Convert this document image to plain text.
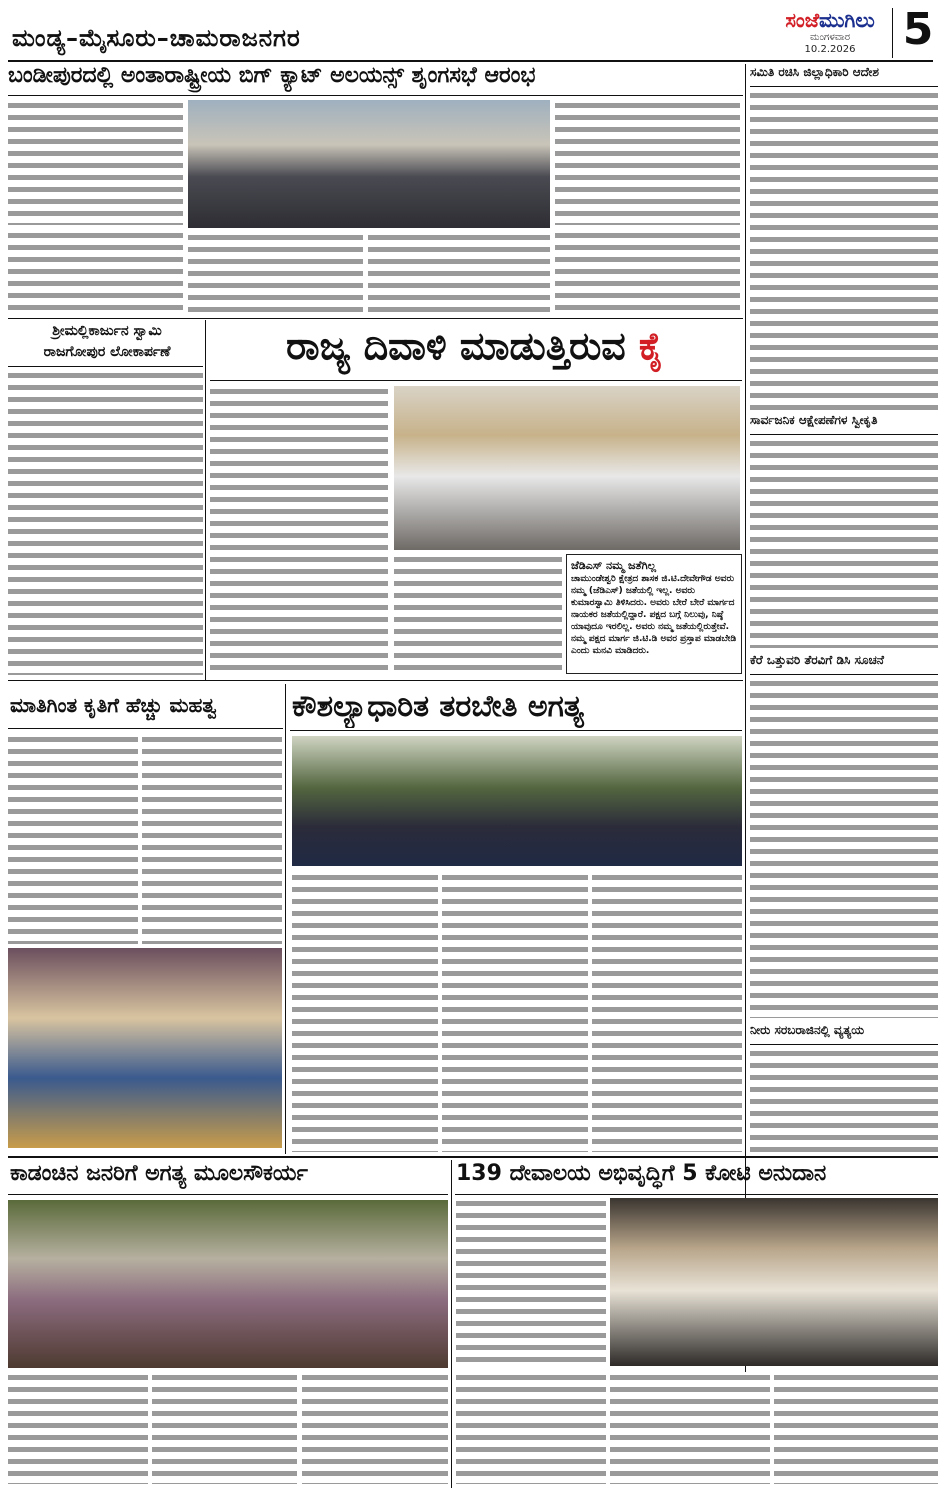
ಮಂಡ್ಯ–ಮೈಸೂರು–ಚಾಮರಾಜನಗರ
ಸಂಜೆಮುಗಿಲು
ಮಂಗಳವಾರ
10.2.2026	5
ಬಂಡೀಪುರದಲ್ಲಿ ಅಂತಾರಾಷ್ಟ್ರೀಯ ಬಿಗ್ ಕ್ಯಾಟ್ ಅಲಯನ್ಸ್ ಶೃಂಗಸಭೆ ಆರಂಭ	ಸಮಿತಿ ರಚಿಸಿ ಜಿಲ್ಲಾಧಿಕಾರಿ ಆದೇಶ
ಸಾರ್ವಜನಿಕ ಆಕ್ಷೇಪಣೆಗಳ ಸ್ವೀಕೃತಿ
ಕೆರೆ ಒತ್ತುವರಿ ತೆರವಿಗೆ ಡಿಸಿ ಸೂಚನೆ
ನೀರು ಸರಬರಾಜಿನಲ್ಲಿ ವ್ಯತ್ಯಯ
ಶ್ರೀಮಲ್ಲಿಕಾರ್ಜುನ ಸ್ವಾಮಿ
ರಾಜಗೋಪುರ ಲೋಕಾರ್ಪಣೆ	ರಾಜ್ಯ ದಿವಾಳಿ ಮಾಡುತ್ತಿರುವ ಕೈ
ಜೆಡಿಎಸ್ ನಮ್ಮ ಜತೆಗಿಲ್ಲ
ಚಾಮುಂಡೇಶ್ವರಿ ಕ್ಷೇತ್ರದ ಶಾಸಕ ಜಿ.ಟಿ.ದೇವೇಗೌಡ ಅವರು ನಮ್ಮ (ಜೆಡಿಎಸ್) ಜತೆಯಲ್ಲಿ ಇಲ್ಲ. ಅವರು ಕುಮಾರಸ್ವಾಮಿ ತಿಳಿಸಿದರು. ಅವರು ಬೇರೆ ಬೇರೆ ಮಾರ್ಗದ ನಾಯಕರ ಜತೆಯಲ್ಲಿದ್ದಾರೆ. ಪಕ್ಷದ ಬಗ್ಗೆ ನಿಲುವು, ನಿಷ್ಠೆ ಯಾವುದೂ ಇರಲಿಲ್ಲ. ಅವರು ನಮ್ಮ ಜತೆಯಲ್ಲಿರುತ್ತೇವೆ. ನಮ್ಮ ಪಕ್ಷದ ಮಾರ್ಗ ಜಿ.ಟಿ.ಡಿ ಅವರ ಪ್ರಸ್ತಾಪ ಮಾಡಬೇಡಿ ಎಂದು ಮನವಿ ಮಾಡಿದರು.
ಮಾತಿಗಿಂತ ಕೃತಿಗೆ ಹೆಚ್ಚು ಮಹತ್ವ	ಕೌಶಲ್ಯಾಧಾರಿತ ತರಬೇತಿ ಅಗತ್ಯ
ಕಾಡಂಚಿನ ಜನರಿಗೆ ಅಗತ್ಯ ಮೂಲಸೌಕರ್ಯ	139 ದೇವಾಲಯ ಅಭಿವೃದ್ಧಿಗೆ 5 ಕೋಟಿ ಅನುದಾನ
